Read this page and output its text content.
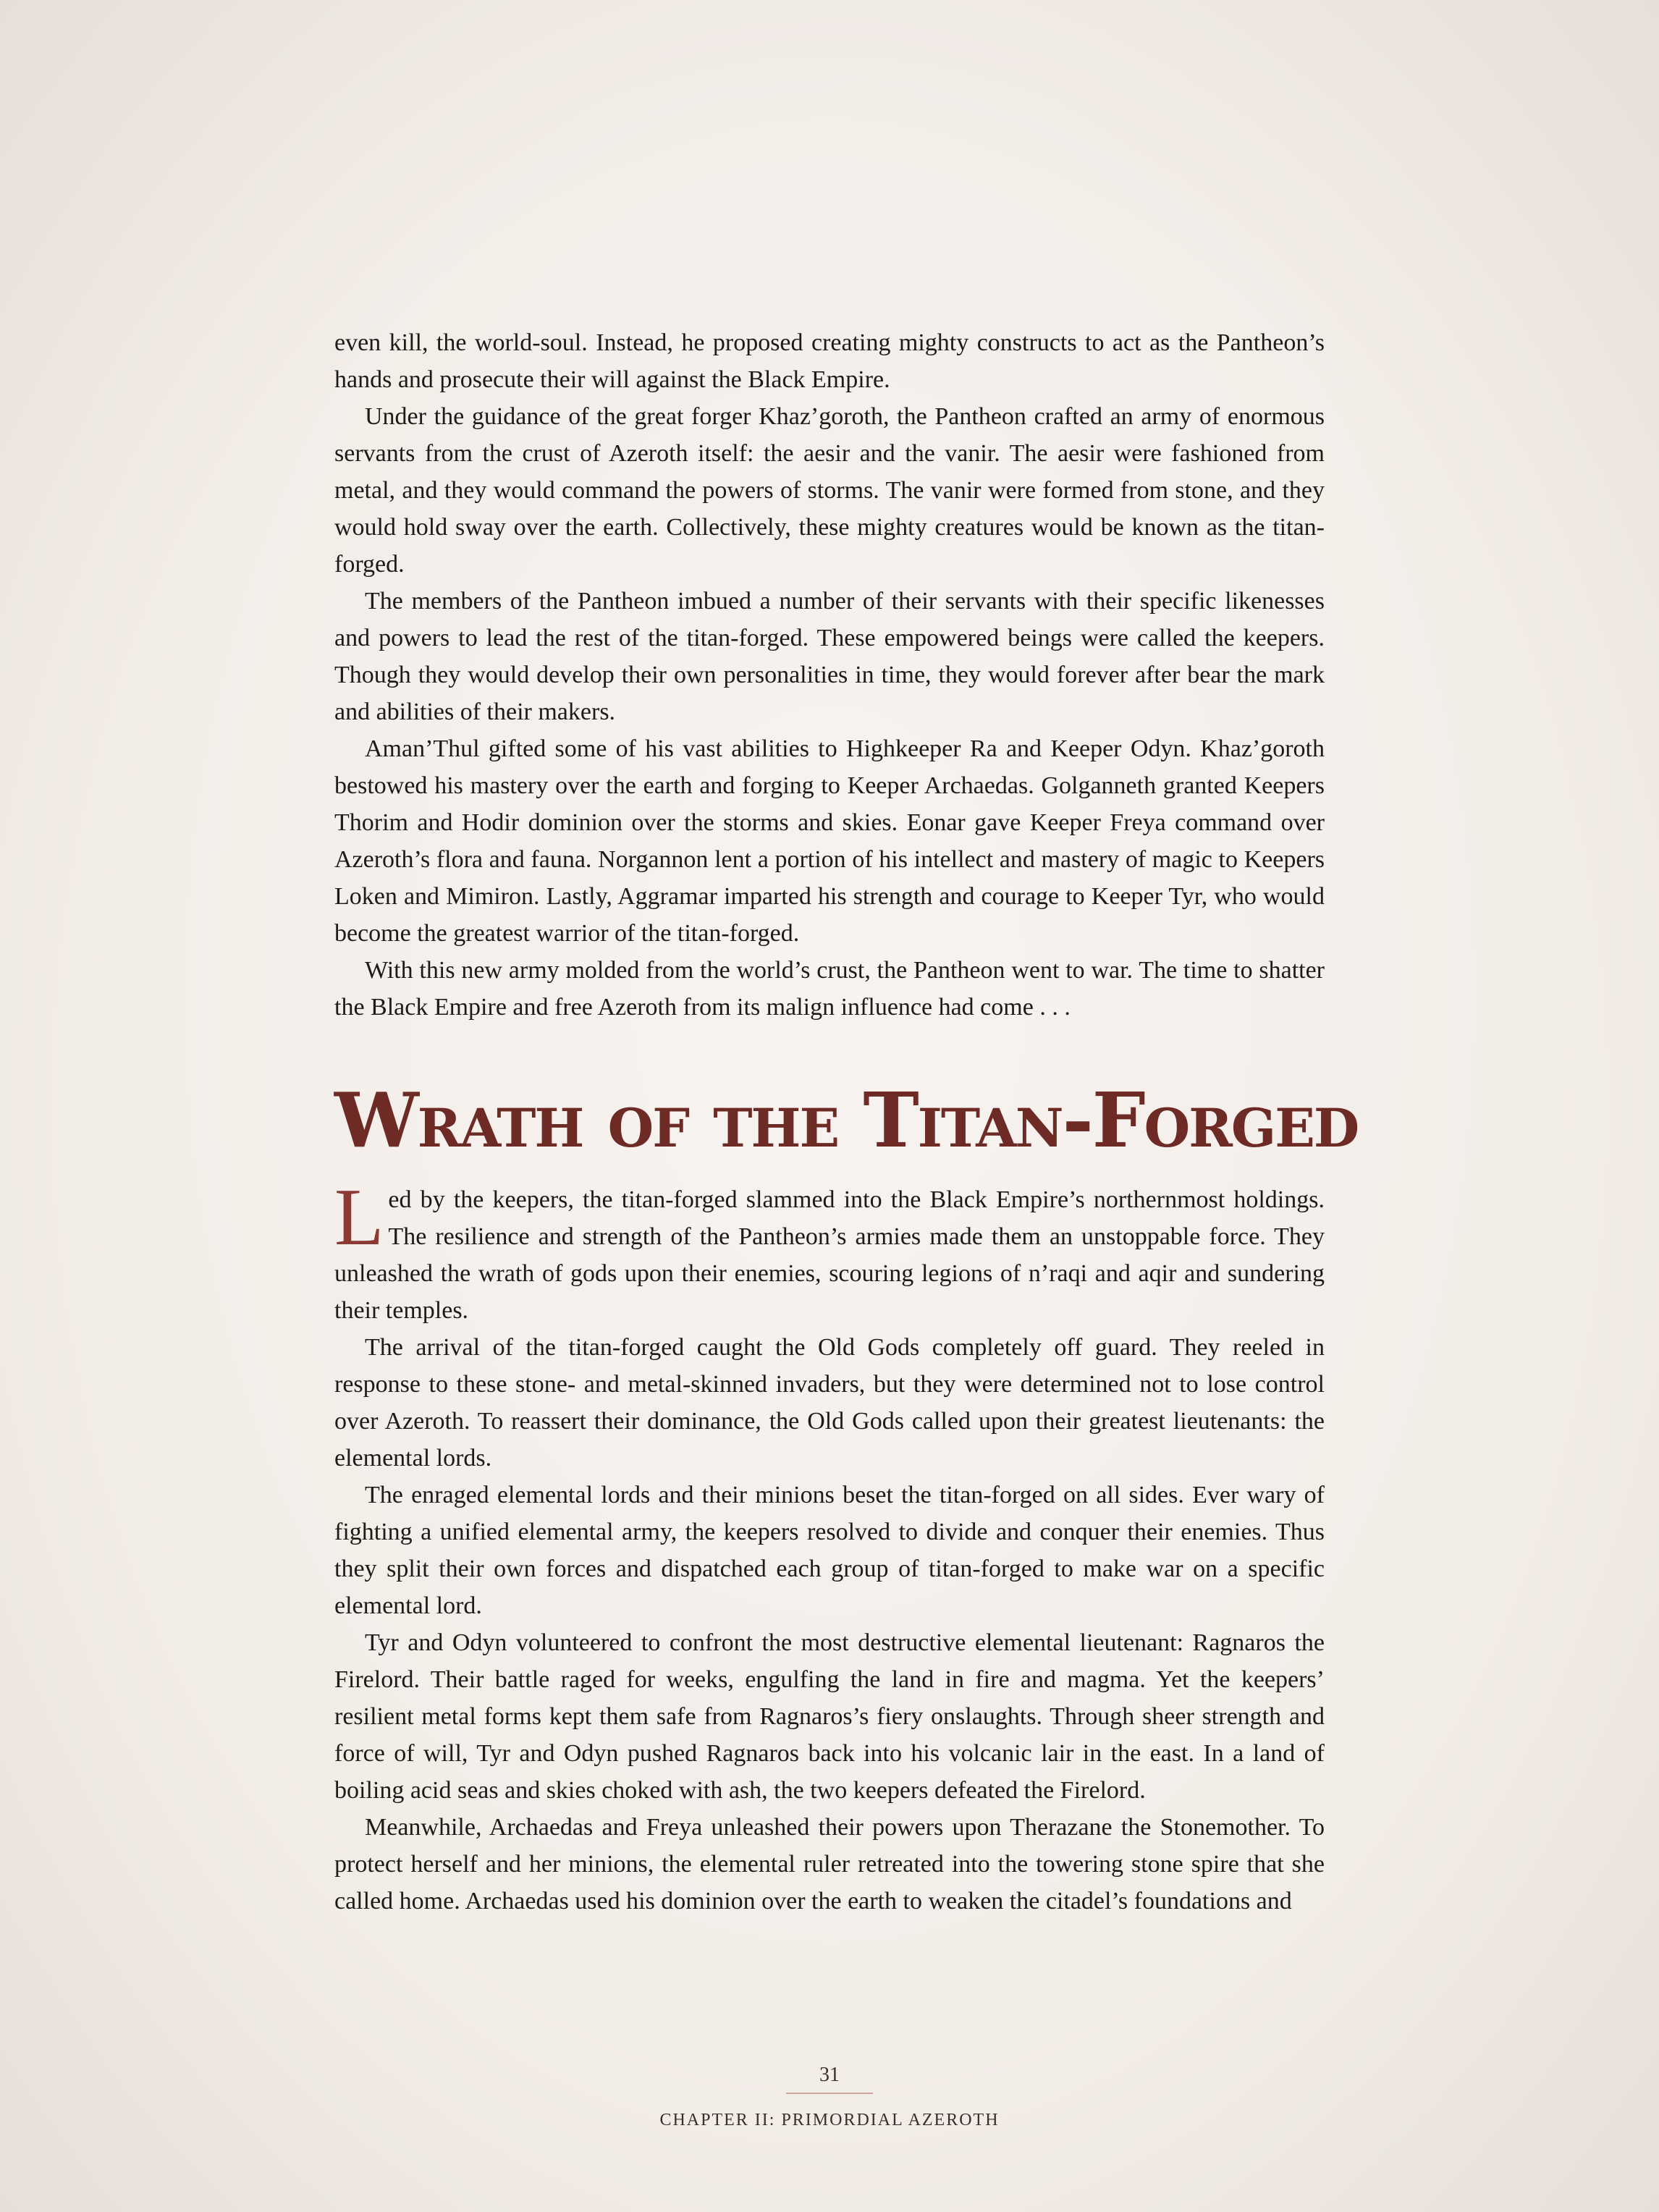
even kill, the world-soul. Instead, he proposed creating mighty constructs to act as the Pantheon’s hands and prosecute their will against the Black Empire.

Under the guidance of the great forger Khaz’goroth, the Pantheon crafted an army of enormous servants from the crust of Azeroth itself: the aesir and the vanir. The aesir were fashioned from metal, and they would command the powers of storms. The vanir were formed from stone, and they would hold sway over the earth. Collectively, these mighty creatures would be known as the titan-forged.

The members of the Pantheon imbued a number of their servants with their specific likenesses and powers to lead the rest of the titan-forged. These empowered beings were called the keepers. Though they would develop their own personalities in time, they would forever after bear the mark and abilities of their makers.

Aman’Thul gifted some of his vast abilities to Highkeeper Ra and Keeper Odyn. Khaz’goroth bestowed his mastery over the earth and forging to Keeper Archaedas. Golganneth granted Keepers Thorim and Hodir dominion over the storms and skies. Eonar gave Keeper Freya command over Azeroth’s flora and fauna. Norgannon lent a portion of his intellect and mastery of magic to Keepers Loken and Mimiron. Lastly, Aggramar imparted his strength and courage to Keeper Tyr, who would become the greatest warrior of the titan-forged.

With this new army molded from the world’s crust, the Pantheon went to war. The time to shatter the Black Empire and free Azeroth from its malign influence had come . . .

Wrath of the Titan-Forged

Led by the keepers, the titan-forged slammed into the Black Empire’s northernmost holdings. The resilience and strength of the Pantheon’s armies made them an unstoppable force. They unleashed the wrath of gods upon their enemies, scouring legions of n’raqi and aqir and sundering their temples.

The arrival of the titan-forged caught the Old Gods completely off guard. They reeled in response to these stone- and metal-skinned invaders, but they were determined not to lose control over Azeroth. To reassert their dominance, the Old Gods called upon their greatest lieutenants: the elemental lords.

The enraged elemental lords and their minions beset the titan-forged on all sides. Ever wary of fighting a unified elemental army, the keepers resolved to divide and conquer their enemies. Thus they split their own forces and dispatched each group of titan-forged to make war on a specific elemental lord.

Tyr and Odyn volunteered to confront the most destructive elemental lieutenant: Ragnaros the Firelord. Their battle raged for weeks, engulfing the land in fire and magma. Yet the keepers’ resilient metal forms kept them safe from Ragnaros’s fiery onslaughts. Through sheer strength and force of will, Tyr and Odyn pushed Ragnaros back into his volcanic lair in the east. In a land of boiling acid seas and skies choked with ash, the two keepers defeated the Firelord.

Meanwhile, Archaedas and Freya unleashed their powers upon Therazane the Stonemother. To protect herself and her minions, the elemental ruler retreated into the towering stone spire that she called home. Archaedas used his dominion over the earth to weaken the citadel’s foundations and

31
CHAPTER II: PRIMORDIAL AZEROTH
